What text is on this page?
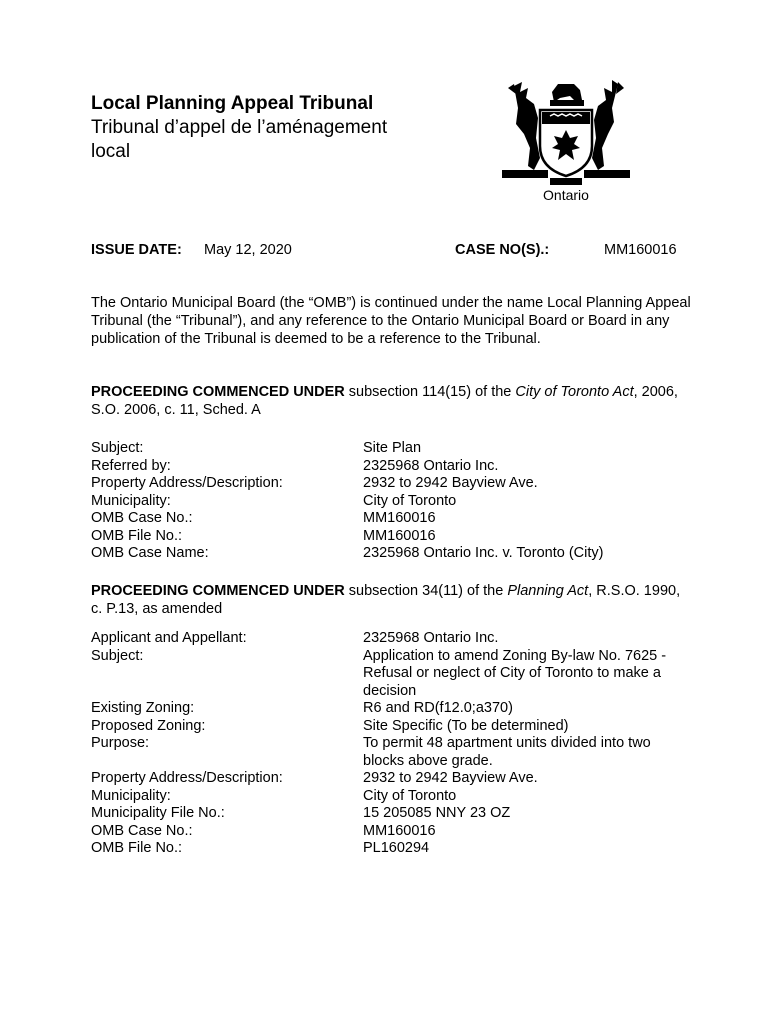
Local Planning Appeal Tribunal
Tribunal d’appel de l’aménagement local
Ontario
ISSUE DATE: May 12, 2020	CASE NO(S).:	MM160016
The Ontario Municipal Board (the “OMB”) is continued under the name Local Planning Appeal Tribunal (the “Tribunal”), and any reference to the Ontario Municipal Board or Board in any publication of the Tribunal is deemed to be a reference to the Tribunal.
PROCEEDING COMMENCED UNDER subsection 114(15) of the City of Toronto Act, 2006, S.O. 2006, c. 11, Sched. A
Subject:	Site Plan
Referred by:	2325968 Ontario Inc.
Property Address/Description:	2932 to 2942 Bayview Ave.
Municipality:	City of Toronto
OMB Case No.:	MM160016
OMB File No.:	MM160016
OMB Case Name:	2325968 Ontario Inc. v. Toronto (City)
PROCEEDING COMMENCED UNDER subsection 34(11) of the Planning Act, R.S.O. 1990, c. P.13, as amended
Applicant and Appellant:	2325968 Ontario Inc.
Subject:	Application to amend Zoning By-law No. 7625 - Refusal or neglect of City of Toronto to make a decision
Existing Zoning:	R6 and RD(f12.0;a370)
Proposed Zoning:	Site Specific (To be determined)
Purpose:	To permit 48 apartment units divided into two blocks above grade.
Property Address/Description:	2932 to 2942 Bayview Ave.
Municipality:	City of Toronto
Municipality File No.:	15 205085 NNY 23 OZ
OMB Case No.:	MM160016
OMB File No.:	PL160294
